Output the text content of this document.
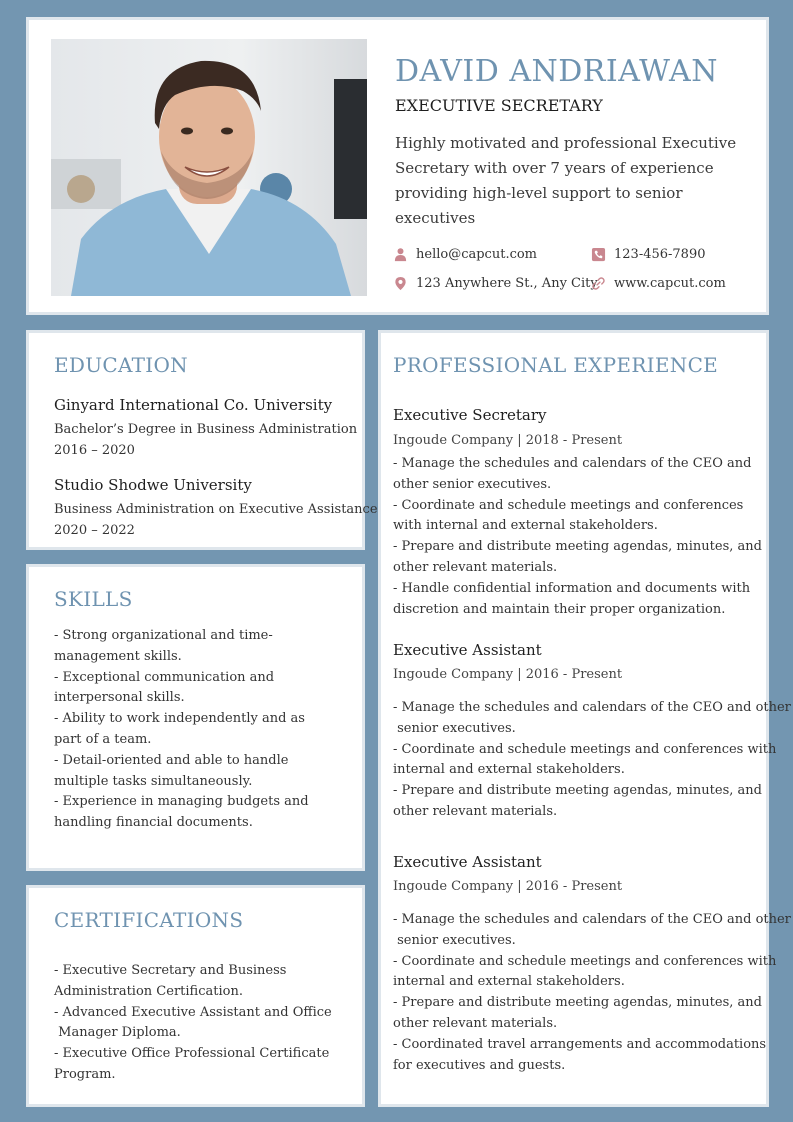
DAVID ANDRIAWAN
EXECUTIVE SECRETARY
Highly motivated and professional Executive Secretary with over 7 years of experience providing high-level support to senior executives
hello@capcut.com	123-456-7890
123 Anywhere St., Any City www.capcut.com
EDUCATION
Ginyard International Co. University
Bachelor’s Degree in Business Administration
2016 – 2020
Studio Shodwe University
Business Administration on Executive Assistance
2020 – 2022
SKILLS
- Strong organizational and time-
management skills.
- Exceptional communication and
interpersonal skills.
- Ability to work independently and as
part of a team.
- Detail-oriented and able to handle
multiple tasks simultaneously.
- Experience in managing budgets and
handling financial documents.
CERTIFICATIONS
- Executive Secretary and Business
Administration Certification.
- Advanced Executive Assistant and Office
Manager Diploma.
- Executive Office Professional Certificate
Program.
PROFESSIONAL EXPERIENCE
Executive Secretary
Ingoude Company | 2018 - Present
- Manage the schedules and calendars of the CEO and
other senior executives.
- Coordinate and schedule meetings and conferences
with internal and external stakeholders.
- Prepare and distribute meeting agendas, minutes, and
other relevant materials.
- Handle confidential information and documents with
discretion and maintain their proper organization.
Executive Assistant
Ingoude Company | 2016 - Present
- Manage the schedules and calendars of the CEO and other
senior executives.
- Coordinate and schedule meetings and conferences with
internal and external stakeholders.
- Prepare and distribute meeting agendas, minutes, and
other relevant materials.
Executive Assistant
Ingoude Company | 2016 - Present
- Manage the schedules and calendars of the CEO and other
senior executives.
- Coordinate and schedule meetings and conferences with
internal and external stakeholders.
- Prepare and distribute meeting agendas, minutes, and
other relevant materials.
- Coordinated travel arrangements and accommodations
for executives and guests.
